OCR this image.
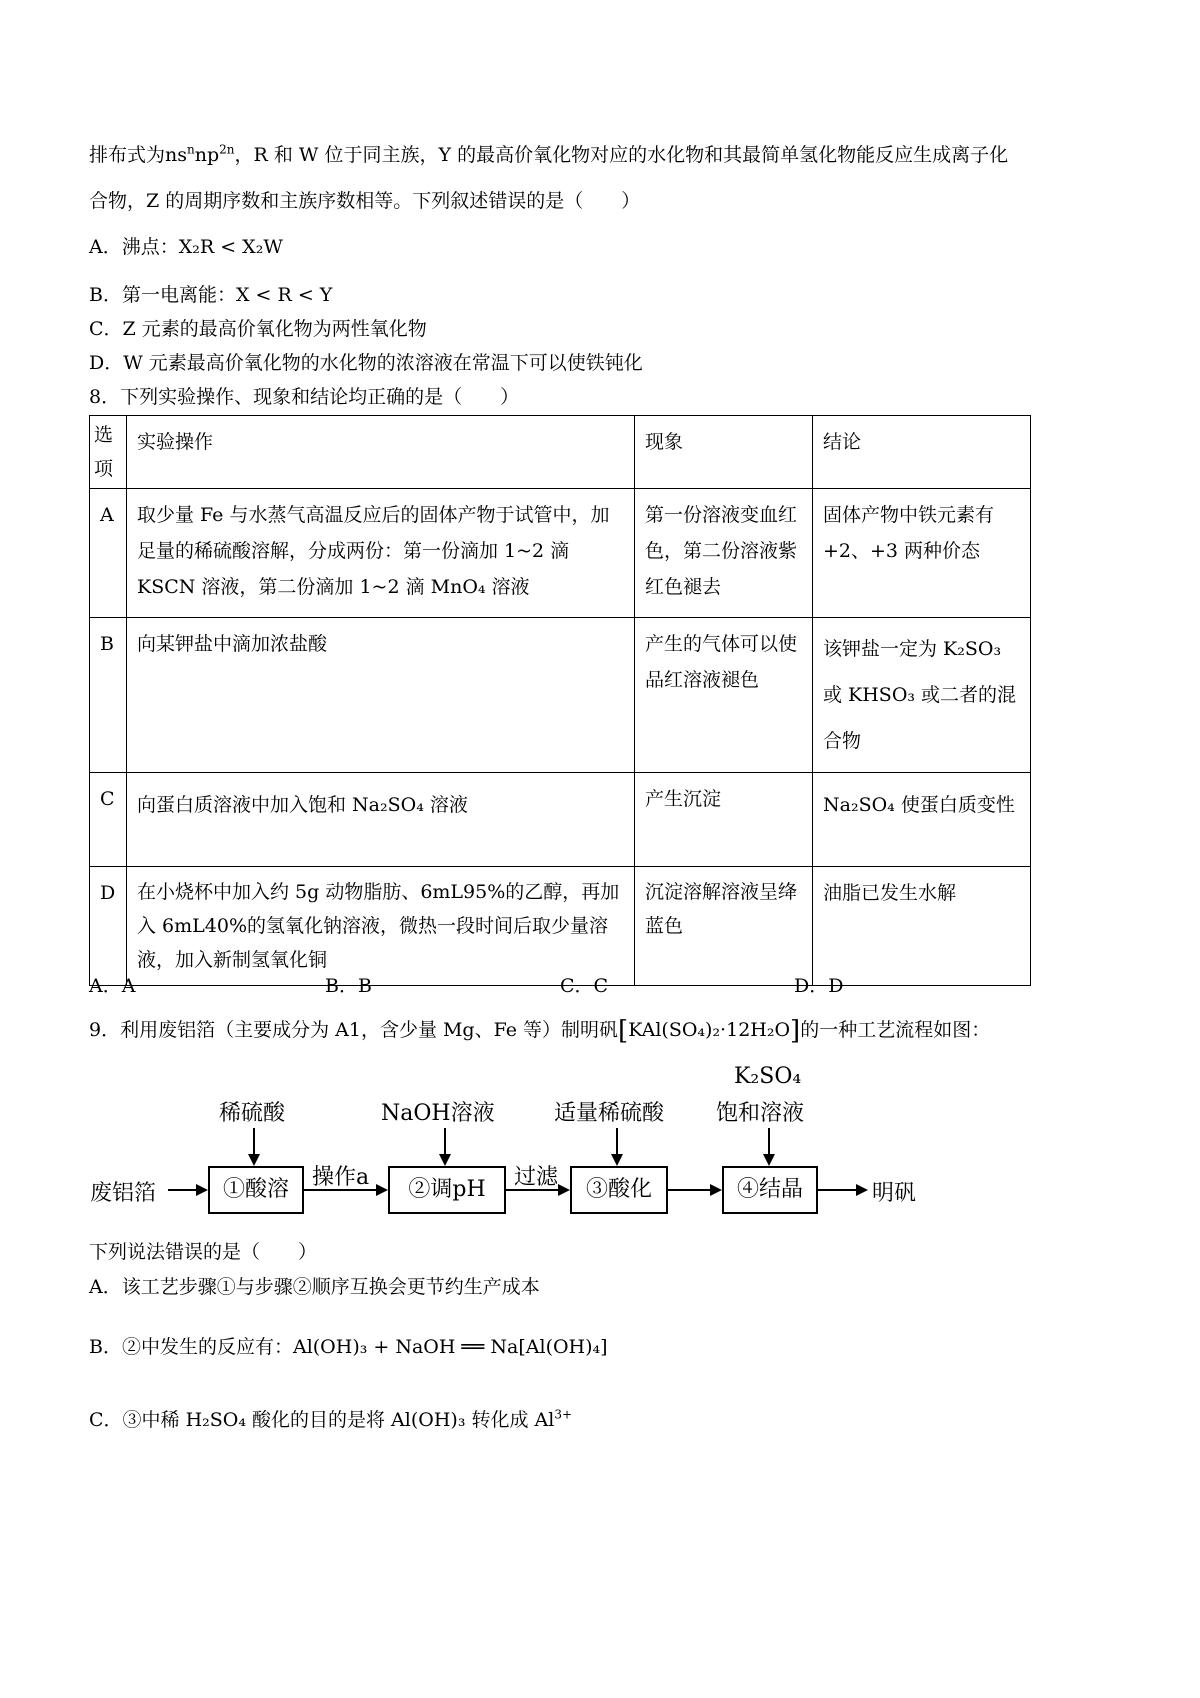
排布式为$ns^nnp^{2n}$，R 和 W 位于同主族，Y 的最高价氧化物对应的水化物和其最简单氢化物能反应生成离子化
合物，Z 的周期序数和主族序数相等。下列叙述错误的是（　　）
A．沸点：X₂R < X₂W
B．第一电离能：X < R < Y
C．Z 元素的最高价氧化物为两性氧化物
D．W 元素最高价氧化物的水化物的浓溶液在常温下可以使铁钝化
8．下列实验操作、现象和结论均正确的是（　　）
选项	实验操作	现象	结论
A	取少量 Fe 与水蒸气高温反应后的固体产物于试管中，加足量的稀硫酸溶解，分成两份：第一份滴加 1~2 滴 KSCN 溶液，第二份滴加 1~2 滴 MnO₄ 溶液	第一份溶液变血红色，第二份溶液紫红色褪去	固体产物中铁元素有+2、+3 两种价态
B	向某钾盐中滴加浓盐酸	产生的气体可以使品红溶液褪色	该钾盐一定为 K₂SO₃ 或 KHSO₃ 或二者的混合物
C	向蛋白质溶液中加入饱和 Na₂SO₄ 溶液	产生沉淀	Na₂SO₄ 使蛋白质变性
D	在小烧杯中加入约 5g 动物脂肪、6mL95%的乙醇，再加入 6mL40%的氢氧化钠溶液，微热一段时间后取少量溶液，加入新制氢氧化铜	沉淀溶解溶液呈绛蓝色	油脂已发生水解
A．A	B．B	C．C	D．D
9．利用废铝箔（主要成分为 A1，含少量 Mg、Fe 等）制明矾[KAl(SO₄)₂·12H₂O]的一种工艺流程如图：
废铝箔	①酸溶
稀硫酸
操作a	②调pH
NaOH溶液
过滤	③酸化
适量稀硫酸
④结晶
K₂SO₄
饱和溶液
明矾
下列说法错误的是（　　）
A．该工艺步骤①与步骤②顺序互换会更节约生产成本
B．②中发生的反应有：Al(OH)₃ + NaOH ══ Na[Al(OH)₄]
C．③中稀 H₂SO₄ 酸化的目的是将 Al(OH)₃ 转化成 $Al^{3+}$
